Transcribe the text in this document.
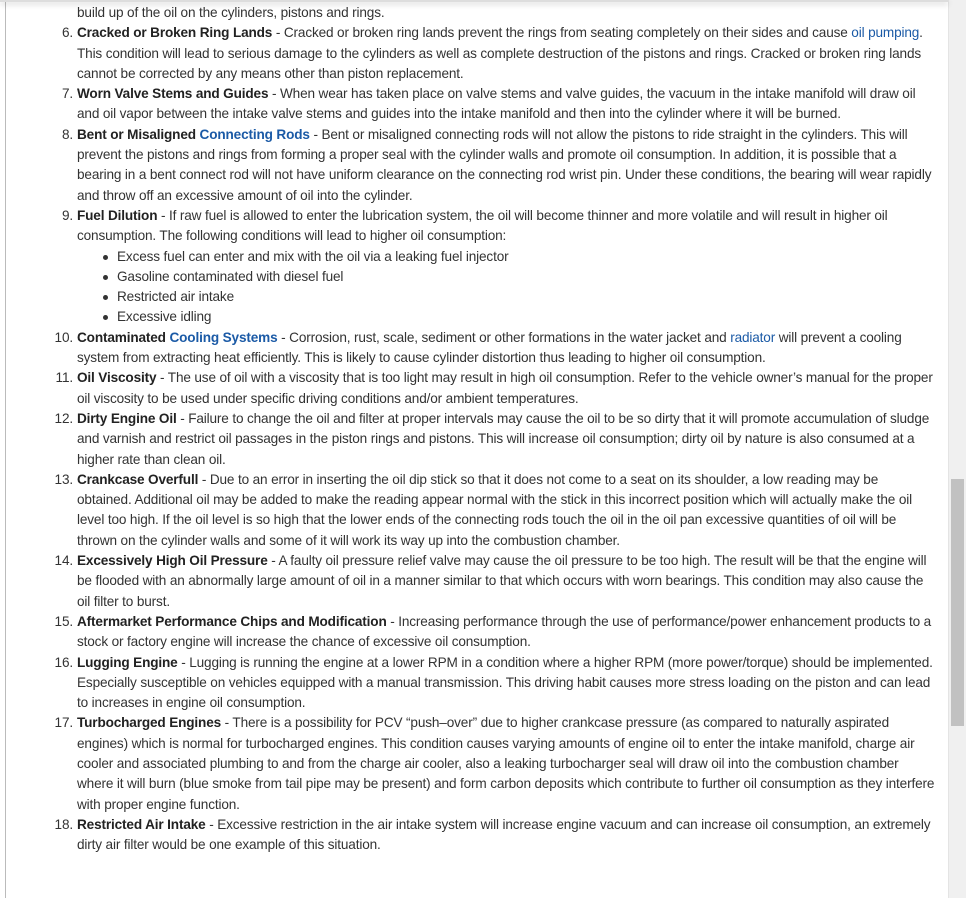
build up of the oil on the cylinders, pistons and rings.

6. Cracked or Broken Ring Lands - Cracked or broken ring lands prevent the rings from seating completely on their sides and cause oil pumping. This condition will lead to serious damage to the cylinders as well as complete destruction of the pistons and rings. Cracked or broken ring lands cannot be corrected by any means other than piston replacement.
7. Worn Valve Stems and Guides - When wear has taken place on valve stems and valve guides, the vacuum in the intake manifold will draw oil and oil vapor between the intake valve stems and guides into the intake manifold and then into the cylinder where it will be burned.
8. Bent or Misaligned Connecting Rods - Bent or misaligned connecting rods will not allow the pistons to ride straight in the cylinders. This will prevent the pistons and rings from forming a proper seal with the cylinder walls and promote oil consumption. In addition, it is possible that a bearing in a bent connect rod will not have uniform clearance on the connecting rod wrist pin. Under these conditions, the bearing will wear rapidly and throw off an excessive amount of oil into the cylinder.
9. Fuel Dilution - If raw fuel is allowed to enter the lubrication system, the oil will become thinner and more volatile and will result in higher oil consumption. The following conditions will lead to higher oil consumption:
Excess fuel can enter and mix with the oil via a leaking fuel injector
Gasoline contaminated with diesel fuel
Restricted air intake
Excessive idling
10. Contaminated Cooling Systems - Corrosion, rust, scale, sediment or other formations in the water jacket and radiator will prevent a cooling system from extracting heat efficiently. This is likely to cause cylinder distortion thus leading to higher oil consumption.
11. Oil Viscosity - The use of oil with a viscosity that is too light may result in high oil consumption. Refer to the vehicle owner’s manual for the proper oil viscosity to be used under specific driving conditions and/or ambient temperatures.
12. Dirty Engine Oil - Failure to change the oil and filter at proper intervals may cause the oil to be so dirty that it will promote accumulation of sludge and varnish and restrict oil passages in the piston rings and pistons. This will increase oil consumption; dirty oil by nature is also consumed at a higher rate than clean oil.
13. Crankcase Overfull - Due to an error in inserting the oil dip stick so that it does not come to a seat on its shoulder, a low reading may be obtained. Additional oil may be added to make the reading appear normal with the stick in this incorrect position which will actually make the oil level too high. If the oil level is so high that the lower ends of the connecting rods touch the oil in the oil pan excessive quantities of oil will be thrown on the cylinder walls and some of it will work its way up into the combustion chamber.
14. Excessively High Oil Pressure - A faulty oil pressure relief valve may cause the oil pressure to be too high. The result will be that the engine will be flooded with an abnormally large amount of oil in a manner similar to that which occurs with worn bearings. This condition may also cause the oil filter to burst.
15. Aftermarket Performance Chips and Modification - Increasing performance through the use of performance/power enhancement products to a stock or factory engine will increase the chance of excessive oil consumption.
16. Lugging Engine - Lugging is running the engine at a lower RPM in a condition where a higher RPM (more power/torque) should be implemented. Especially susceptible on vehicles equipped with a manual transmission. This driving habit causes more stress loading on the piston and can lead to increases in engine oil consumption.
17. Turbocharged Engines - There is a possibility for PCV “push–over” due to higher crankcase pressure (as compared to naturally aspirated engines) which is normal for turbocharged engines. This condition causes varying amounts of engine oil to enter the intake manifold, charge air cooler and associated plumbing to and from the charge air cooler, also a leaking turbocharger seal will draw oil into the combustion chamber where it will burn (blue smoke from tail pipe may be present) and form carbon deposits which contribute to further oil consumption as they interfere with proper engine function.
18. Restricted Air Intake - Excessive restriction in the air intake system will increase engine vacuum and can increase oil consumption, an extremely dirty air filter would be one example of this situation.
